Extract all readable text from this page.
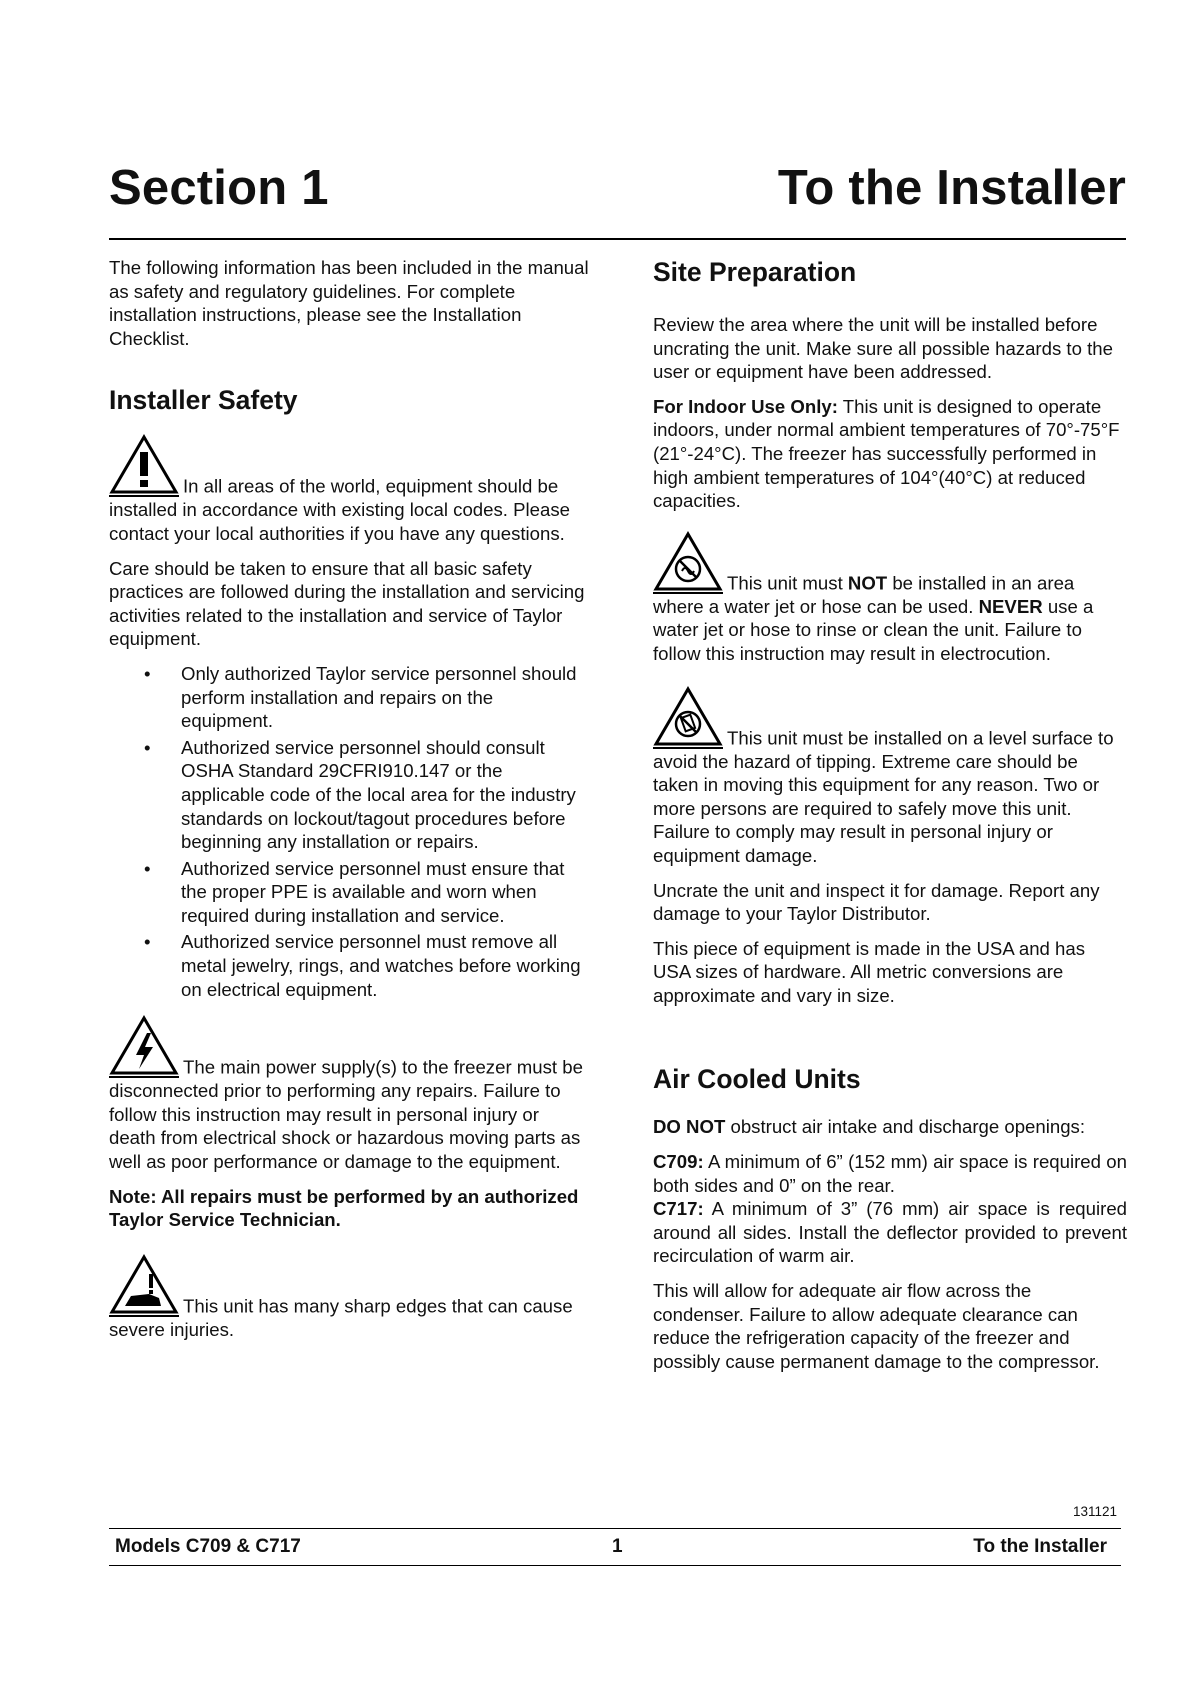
Section 1	To the Installer

The following information has been included in the manual as safety and regulatory guidelines. For complete installation instructions, please see the Installation Checklist.

Installer Safety

In all areas of the world, equipment should be installed in accordance with existing local codes. Please contact your local authorities if you have any questions.

Care should be taken to ensure that all basic safety practices are followed during the installation and servicing activities related to the installation and service of Taylor equipment.

• Only authorized Taylor service personnel should perform installation and repairs on the equipment.
• Authorized service personnel should consult OSHA Standard 29CFRI910.147 or the applicable code of the local area for the industry standards on lockout/tagout procedures before beginning any installation or repairs.
• Authorized service personnel must ensure that the proper PPE is available and worn when required during installation and service.
• Authorized service personnel must remove all metal jewelry, rings, and watches before working on electrical equipment.

The main power supply(s) to the freezer must be disconnected prior to performing any repairs. Failure to follow this instruction may result in personal injury or death from electrical shock or hazardous moving parts as well as poor performance or damage to the equipment.

Note: All repairs must be performed by an authorized Taylor Service Technician.

This unit has many sharp edges that can cause severe injuries.

Site Preparation

Review the area where the unit will be installed before uncrating the unit. Make sure all possible hazards to the user or equipment have been addressed.

For Indoor Use Only: This unit is designed to operate indoors, under normal ambient temperatures of 70°-75°F (21°-24°C). The freezer has successfully performed in high ambient temperatures of 104°(40°C) at reduced capacities.

This unit must NOT be installed in an area where a water jet or hose can be used. NEVER use a water jet or hose to rinse or clean the unit. Failure to follow this instruction may result in electrocution.

This unit must be installed on a level surface to avoid the hazard of tipping. Extreme care should be taken in moving this equipment for any reason. Two or more persons are required to safely move this unit. Failure to comply may result in personal injury or equipment damage.

Uncrate the unit and inspect it for damage. Report any damage to your Taylor Distributor.

This piece of equipment is made in the USA and has USA sizes of hardware. All metric conversions are approximate and vary in size.

Air Cooled Units

DO NOT obstruct air intake and discharge openings:

C709: A minimum of 6” (152 mm) air space is required on both sides and 0” on the rear.

C717: A minimum of 3” (76 mm) air space is required around all sides. Install the deflector provided to prevent recirculation of warm air.

This will allow for adequate air flow across the condenser. Failure to allow adequate clearance can reduce the refrigeration capacity of the freezer and possibly cause permanent damage to the compressor.

131121
Models C709 & C717	1	To the Installer
